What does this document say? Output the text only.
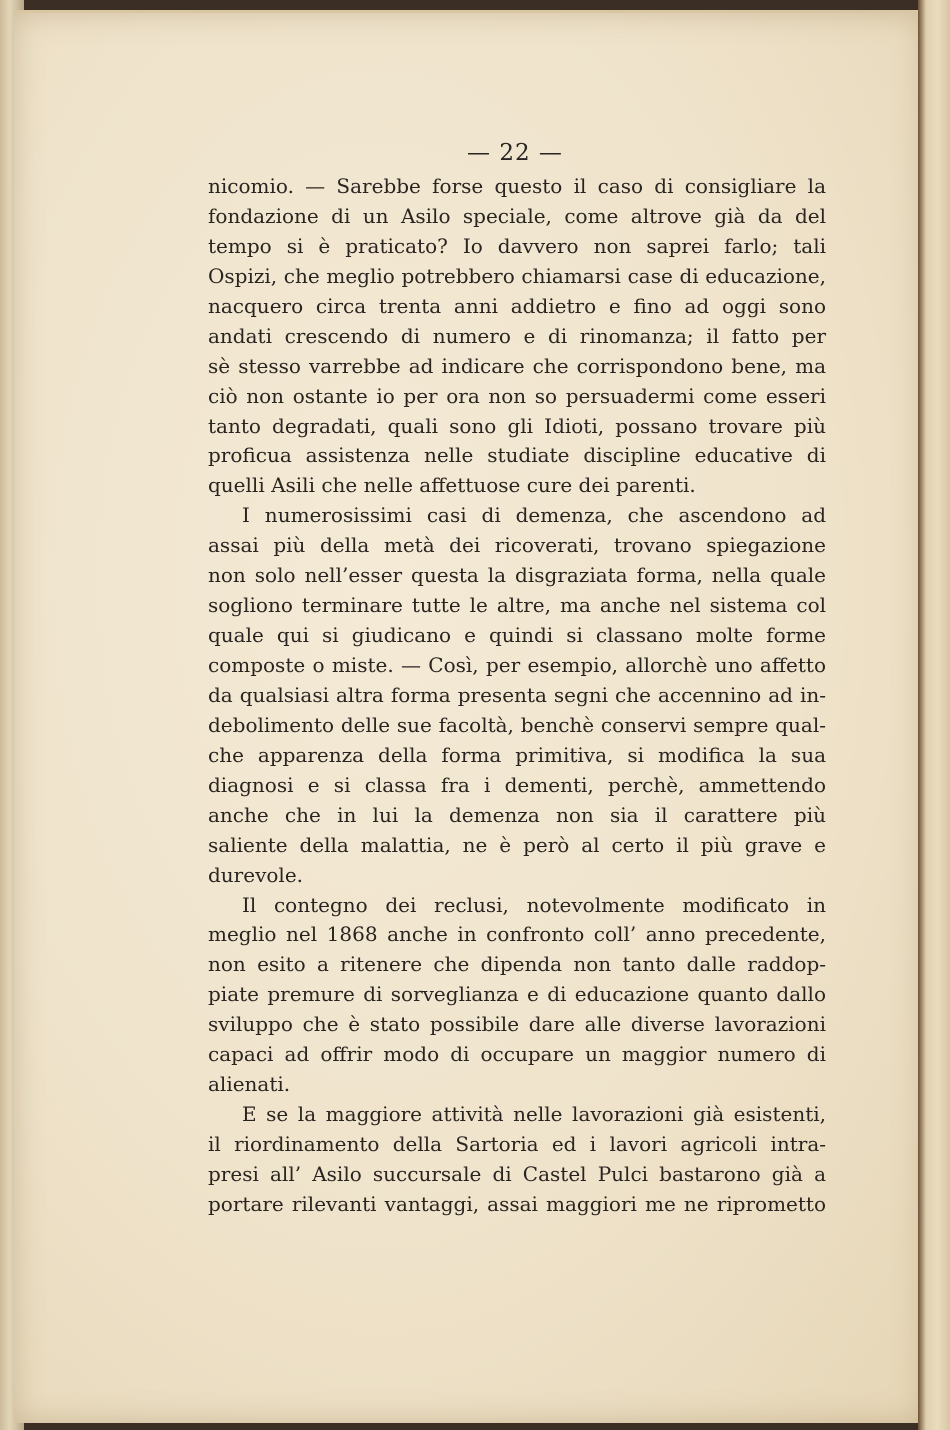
— 22 —
nicomio. — Sarebbe forse questo il caso di consigliare la
fondazione di un Asilo speciale, come altrove già da del
tempo si è praticato? Io davvero non saprei farlo; tali
Ospizi, che meglio potrebbero chiamarsi case di educazione,
nacquero circa trenta anni addietro e fino ad oggi sono
andati crescendo di numero e di rinomanza; il fatto per
sè stesso varrebbe ad indicare che corrispondono bene, ma
ciò non ostante io per ora non so persuadermi come esseri
tanto degradati, quali sono gli Idioti, possano trovare più
proficua assistenza nelle studiate discipline educative di
quelli Asili che nelle affettuose cure dei parenti.
I numerosissimi casi di demenza, che ascendono ad
assai più della metà dei ricoverati, trovano spiegazione
non solo nell’esser questa la disgraziata forma, nella quale
sogliono terminare tutte le altre, ma anche nel sistema col
quale qui si giudicano e quindi si classano molte forme
composte o miste. — Così, per esempio, allorchè uno affetto
da qualsiasi altra forma presenta segni che accennino ad in-
debolimento delle sue facoltà, benchè conservi sempre qual-
che apparenza della forma primitiva, si modifica la sua
diagnosi e si classa fra i dementi, perchè, ammettendo
anche che in lui la demenza non sia il carattere più
saliente della malattia, ne è però al certo il più grave e
durevole.
Il contegno dei reclusi, notevolmente modificato in
meglio nel 1868 anche in confronto coll’ anno precedente,
non esito a ritenere che dipenda non tanto dalle raddop-
piate premure di sorveglianza e di educazione quanto dallo
sviluppo che è stato possibile dare alle diverse lavorazioni
capaci ad offrir modo di occupare un maggior numero di
alienati.
E se la maggiore attività nelle lavorazioni già esistenti,
il riordinamento della Sartoria ed i lavori agricoli intra-
presi all’ Asilo succursale di Castel Pulci bastarono già a
portare rilevanti vantaggi, assai maggiori me ne riprometto
